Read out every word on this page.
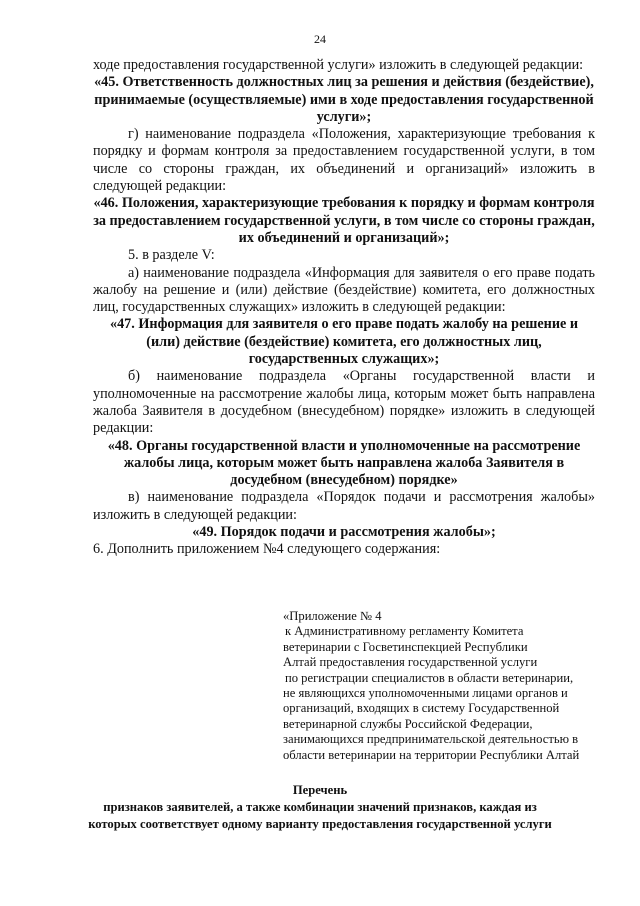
24

ходе предоставления государственной услуги» изложить в следующей редакции:

«45. Ответственность должностных лиц за решения и действия (бездействие), принимаемые (осуществляемые) ими в ходе предоставления государственной услуги»;

г) наименование подраздела «Положения, характеризующие требования к порядку и формам контроля за предоставлением государственной услуги, в том числе со стороны граждан, их объединений и организаций» изложить в следующей редакции:

«46. Положения, характеризующие требования к порядку и формам контроля за предоставлением государственной услуги, в том числе со стороны граждан, их объединений и организаций»;

5. в разделе V:

а) наименование подраздела «Информация для заявителя о его праве подать жалобу на решение и (или) действие (бездействие) комитета, его должностных лиц, государственных служащих» изложить в следующей редакции:

«47. Информация для заявителя о его праве подать жалобу на решение и (или) действие (бездействие) комитета, его должностных лиц, государственных служащих»;

б) наименование подраздела «Органы государственной власти и уполномоченные на рассмотрение жалобы лица, которым может быть направлена жалоба Заявителя в досудебном (внесудебном) порядке» изложить в следующей редакции:

«48. Органы государственной власти и уполномоченные на рассмотрение жалобы лица, которым может быть направлена жалоба Заявителя в досудебном (внесудебном) порядке»

в) наименование подраздела «Порядок подачи и рассмотрения жалобы» изложить в следующей редакции:

«49. Порядок подачи и рассмотрения жалобы»;

6. Дополнить приложением №4 следующего содержания:

«Приложение № 4

к Административному регламенту Комитета

ветеринарии с Госветинспекцией Республики

Алтай предоставления государственной услуги

по регистрации специалистов в области ветеринарии,

не являющихся уполномоченными лицами органов и

организаций, входящих в систему Государственной

ветеринарной службы Российской Федерации,

занимающихся предпринимательской деятельностью в

области ветеринарии на территории Республики Алтай

Перечень

признаков заявителей, а также комбинации значений признаков, каждая из которых соответствует одному варианту предоставления государственной услуги
